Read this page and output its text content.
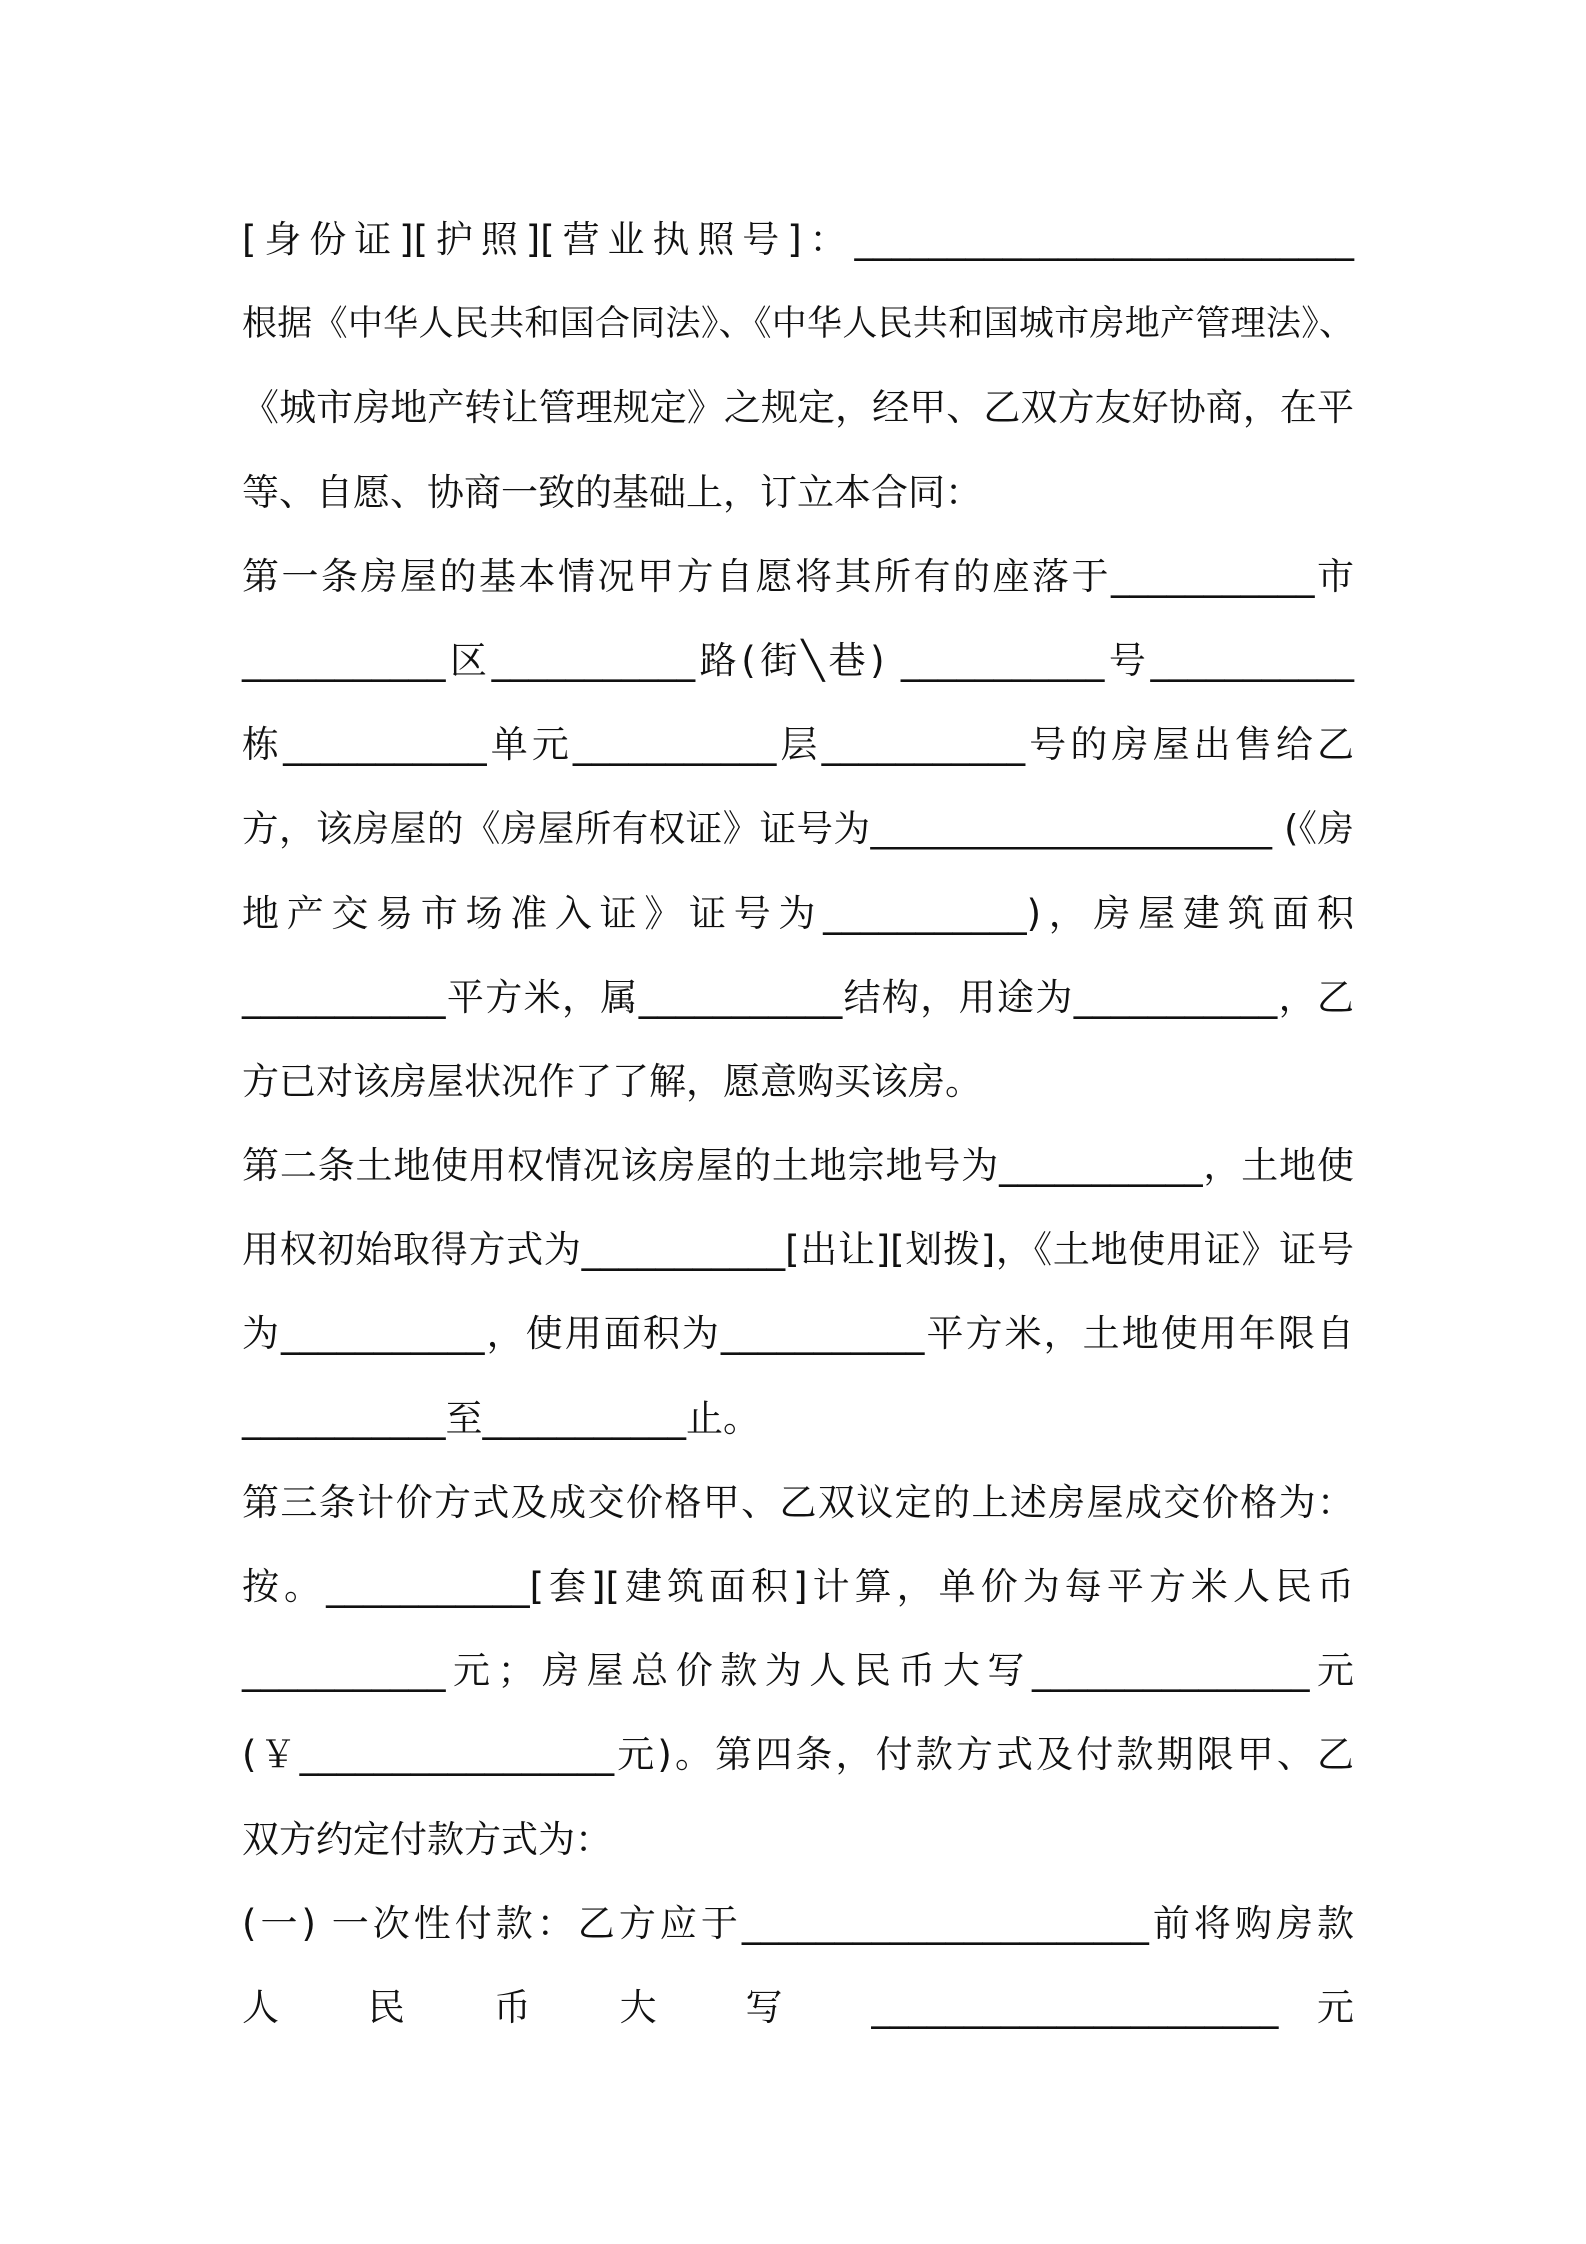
[身份证][护照][营业执照号]：___________________________
根据《中华人民共和国合同法》、《中华人民共和国城市房地产管理法》、
《城市房地产转让管理规定》之规定，经甲、乙双方友好协商，在平
等、自愿、协商一致的基础上，订立本合同：
第一条房屋的基本情况甲方自愿将其所有的座落于___________市
___________区___________路(街╲巷) ___________号___________
栋___________单元___________层___________号的房屋出售给乙
方，该房屋的《房屋所有权证》证号为______________________ (《房
地产交易市场准入证》证号为___________)，房屋建筑面积
___________平方米，属___________结构，用途为___________，乙
方已对该房屋状况作了了解，愿意购买该房。
第二条土地使用权情况该房屋的土地宗地号为___________，土地使
用权初始取得方式为___________[出让][划拨]，《土地使用证》证号
为___________，使用面积为___________平方米，土地使用年限自
___________至___________止。
第三条计价方式及成交价格甲、乙双议定的上述房屋成交价格为：
按。___________[套][建筑面积]计算，单价为每平方米人民币
___________元；房屋总价款为人民币大写_______________元
(￥_________________元)。第四条，付款方式及付款期限甲、乙
双方约定付款方式为：
(一) 一次性付款：乙方应于______________________前将购房款
人 民 币 大 写 ______________________元
